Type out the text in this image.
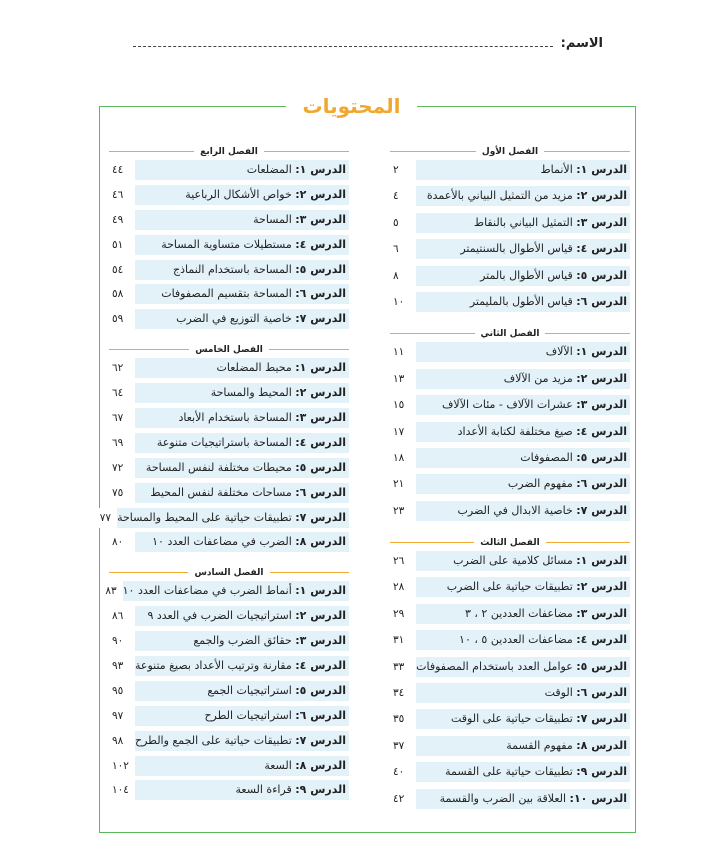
الاسم:
المحتويات
الفصل الأول
الدرس ١: الأنماط
٢
الدرس ٢: مزيد من التمثيل البياني بالأعمدة
٤
الدرس ٣: التمثيل البياني بالنقاط
٥
الدرس ٤: قياس الأطوال بالسنتيمتر
٦
الدرس ٥: قياس الأطوال بالمتر
٨
الدرس ٦: قياس الأطول بالمليمتر
١٠
الفصل الثاني
الدرس ١: الآلاف
١١
الدرس ٢: مزيد من الآلاف
١٣
الدرس ٣: عشرات الآلاف - مئات الآلاف
١٥
الدرس ٤: صيغ مختلفة لكتابة الأعداد
١٧
الدرس ٥: المصفوفات
١٨
الدرس ٦: مفهوم الضرب
٢١
الدرس ٧: خاصية الابدال في الضرب
٢٣
الفصل الثالث
الدرس ١: مسائل كلامية على الضرب
٢٦
الدرس ٢: تطبيقات حياتية على الضرب
٢٨
الدرس ٣: مضاعفات العددين ٢ ، ٣
٢٩
الدرس ٤: مضاعفات العددين ٥ ، ١٠
٣١
الدرس ٥: عوامل العدد باستخدام المصفوفات
٣٣
الدرس ٦: الوقت
٣٤
الدرس ٧: تطبيقات حياتية على الوقت
٣٥
الدرس ٨: مفهوم القسمة
٣٧
الدرس ٩: تطبيقات حياتية على القسمة
٤٠
الدرس ١٠: العلاقة بين الضرب والقسمة
٤٢
الفصل الرابع
الدرس ١: المضلعات
٤٤
الدرس ٢: خواص الأشكال الرباعية
٤٦
الدرس ٣: المساحة
٤٩
الدرس ٤: مستطيلات متساوية المساحة
٥١
الدرس ٥: المساحة باستخدام النماذج
٥٤
الدرس ٦: المساحة بتقسيم المصفوفات
٥٨
الدرس ٧: خاصية التوزيع في الضرب
٥٩
الفصل الخامس
الدرس ١: محيط المضلعات
٦٢
الدرس ٢: المحيط والمساحة
٦٤
الدرس ٣: المساحة باستخدام الأبعاد
٦٧
الدرس ٤: المساحة باستراتيجيات متنوعة
٦٩
الدرس ٥: محيطات مختلفة لنفس المساحة
٧٢
الدرس ٦: مساحات مختلفة لنفس المحيط
٧٥
الدرس ٧: تطبيقات حياتية على المحيط والمساحة
٧٧
الدرس ٨: الضرب في مضاعفات العدد ١٠
٨٠
الفصل السادس
الدرس ١: أنماط الضرب في مضاعفات العدد ١٠
٨٣
الدرس ٢: استراتيجيات الضرب في العدد ٩
٨٦
الدرس ٣: حقائق الضرب والجمع
٩٠
الدرس ٤: مقارنة وترتيب الأعداد بصيغ متنوعة
٩٣
الدرس ٥: استراتيجيات الجمع
٩٥
الدرس ٦: استراتيجيات الطرح
٩٧
الدرس ٧: تطبيقات حياتية على الجمع والطرح
٩٨
الدرس ٨: السعة
١٠٢
الدرس ٩: قراءة السعة
١٠٤
